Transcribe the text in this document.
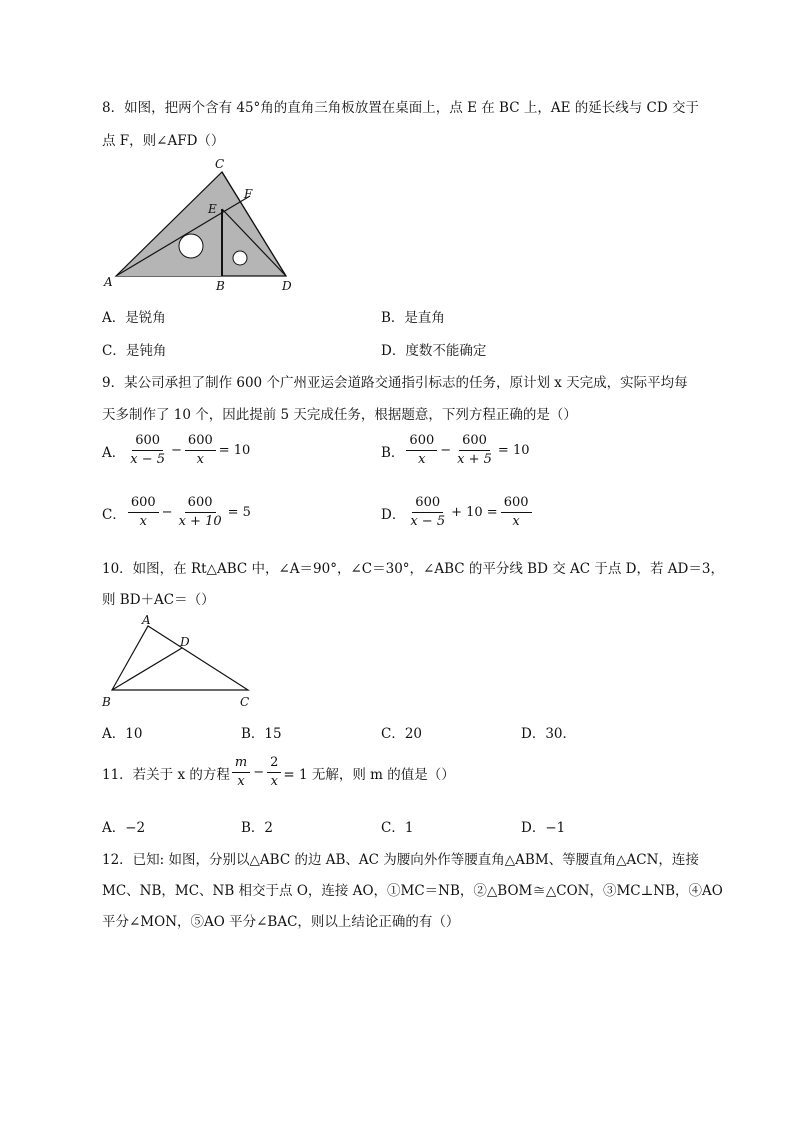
8．如图，把两个含有 45°角的直角三角板放置在桌面上，点 E 在 BC 上，AE 的延长线与 CD 交于
点 F，则∠AFD（）
A
C
E
F
B	D
A．是锐角	B．是直角
C．是钝角	D．度数不能确定
9．某公司承担了制作 600 个广州亚运会道路交通指引标志的任务，原计划 x 天完成，实际平均每
天多制作了 10 个，因此提前 5 天完成任务，根据题意，下列方程正确的是（）
A． $\frac{600}{x - 5} - \frac{600}{x} = 10$	B． $\frac{600}{x} - \frac{600}{x + 5} = 10$
C． $\frac{600}{x} - \frac{600}{x + 10} = 5$	D． $\frac{600}{x - 5} + 10 = \frac{600}{x}$
10．如图，在 Rt△ABC 中，∠A＝90°，∠C＝30°，∠ABC 的平分线 BD 交 AC 于点 D，若 AD＝3，
则 BD＋AC＝（）
A
D
B	C
A．10	B．15	C．20	D．30．
11．若关于 x 的方程 $\frac{m}{x} - \frac{2}{x} = 1$ 无解，则 m 的值是（）
A．−2	B．2	C．1	D．−1
12．已知: 如图，分别以△ABC 的边 AB、AC 为腰向外作等腰直角△ABM、等腰直角△ACN，连接
MC、NB，MC、NB 相交于点 O，连接 AO，①MC＝NB，②△BOM≅△CON，③MC⊥NB，④AO
平分∠MON，⑤AO 平分∠BAC，则以上结论正确的有（）
